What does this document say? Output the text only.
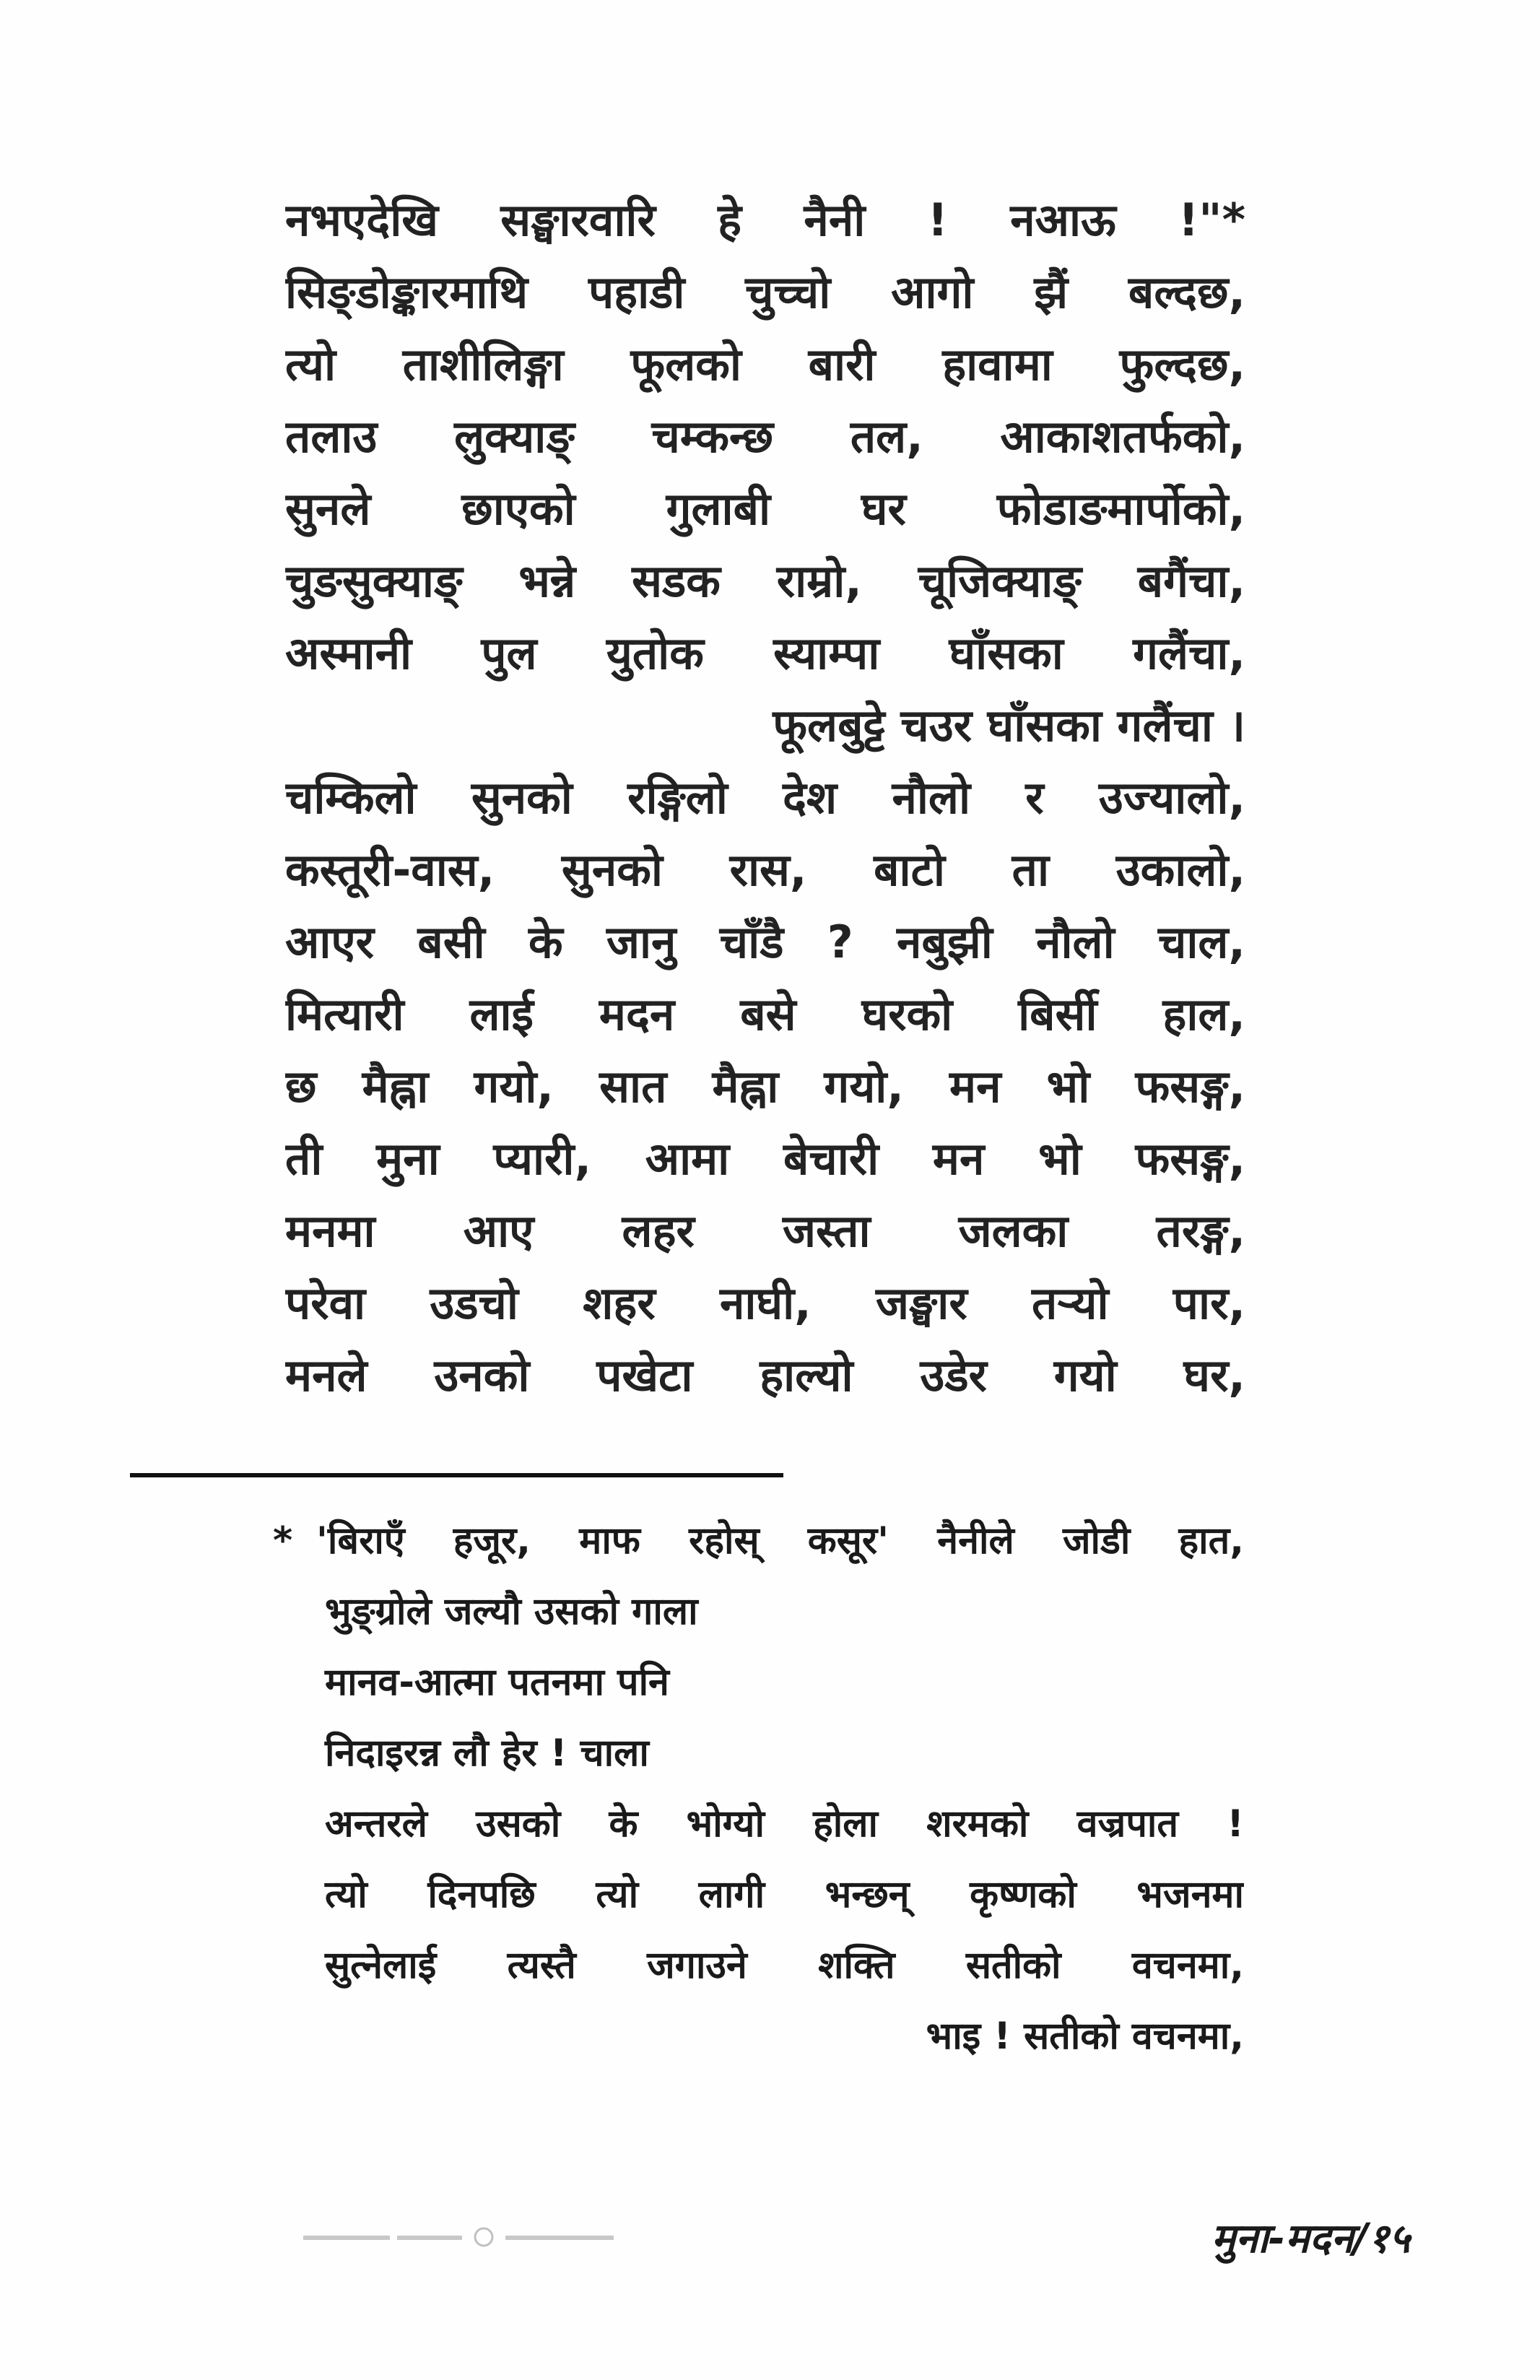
नभएदेखि सङ्घारवारि हे नैनी ! नआऊ !"*
सिङ्डोङ्कारमाथि पहाडी चुच्चो आगो झैं बल्दछ,
त्यो ताशीलिङ्गा फूलको बारी हावामा फुल्दछ,
तलाउ लुक्याङ् चम्कन्छ तल, आकाशतर्फको,
सुनले छाएको गुलाबी घर फोडाङमार्पोको,
चुङसुक्याङ् भन्ने सडक राम्रो, चूजिक्याङ् बगैंचा,
अस्मानी पुल युतोक स्याम्पा घाँसका गलैंचा,
फूलबुट्टे चउर घाँसका गलैंचा ।
चम्किलो सुनको रङ्गिलो देश नौलो र उज्यालो,
कस्तूरी-वास, सुनको रास, बाटो ता उकालो,
आएर बसी के जानु चाँडै ? नबुझी नौलो चाल,
मित्यारी लाई मदन बसे घरको बिर्सी हाल,
छ मैह्ना गयो, सात मैह्ना गयो, मन भो फसङ्ग,
ती मुना प्यारी, आमा बेचारी मन भो फसङ्ग,
मनमा आए लहर जस्ता जलका तरङ्ग,
परेवा उडचो शहर नाघी, जङ्घार तऱ्यो पार,
मनले उनको पखेटा हाल्यो उडेर गयो घर,
* 'बिराएँ हजूर, माफ रहोस् कसूर' नैनीले जोडी हात,
भुङ्ग्रोले जल्यौ उसको गाला
मानव-आत्मा पतनमा पनि
निदाइरन्न लौ हेर ! चाला
अन्तरले उसको के भोग्यो होला शरमको वज्रपात !
त्यो दिनपछि त्यो लागी भन्छन् कृष्णको भजनमा
सुत्नेलाई त्यस्तै जगाउने शक्ति सतीको वचनमा,
भाइ ! सतीको वचनमा,
मुना-मदन/१५
